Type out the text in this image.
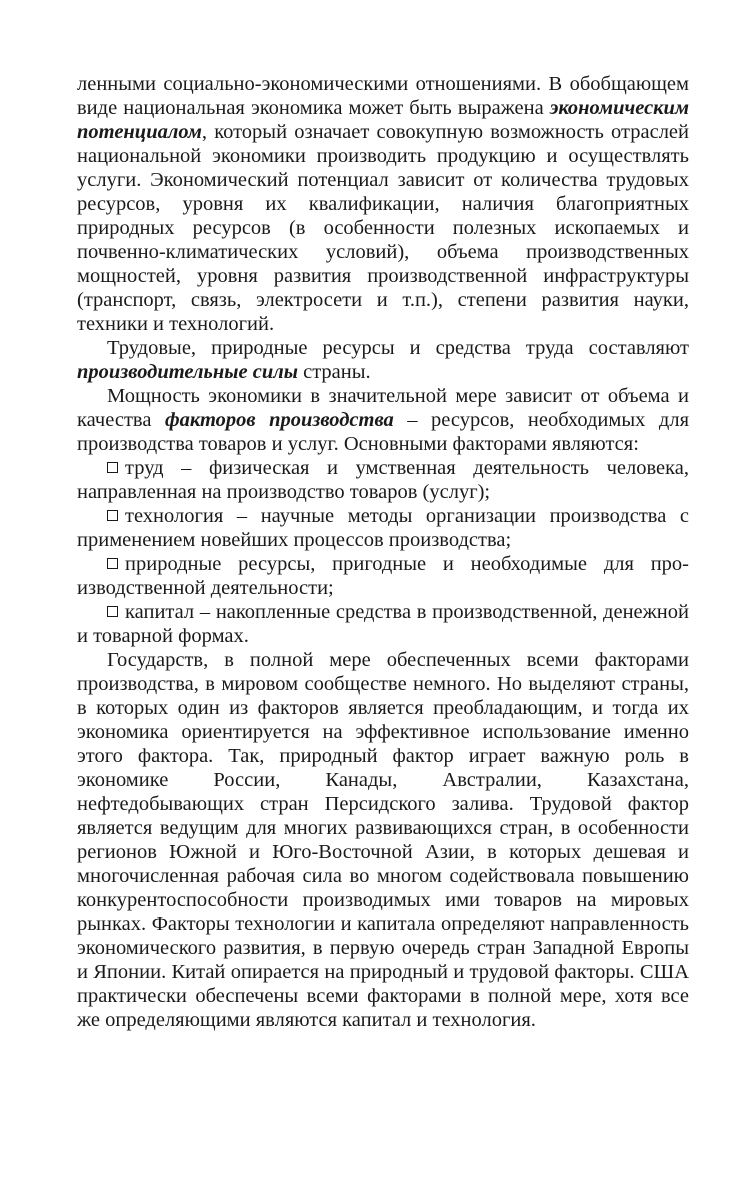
ленными социально-экономическими отношениями. В обобщающем виде национальная экономика может быть выражена экономическим потенциалом, который означает совокупную возможность отраслей национальной экономики производить продукцию и осуществлять услуги. Экономический потенциал зависит от количества трудовых ресурсов, уровня их квалификации, наличия благоприятных природных ресурсов (в особенности полезных ископаемых и почвенно-климатических условий), объема производственных мощностей, уровня развития производственной инфраструктуры (транспорт, связь, электросети и т.п.), степени развития науки, техники и технологий.

Трудовые, природные ресурсы и средства труда составляют производительные силы страны.

Мощность экономики в значительной мере зависит от объема и качества факторов производства – ресурсов, необходимых для производства товаров и услуг. Основными факторами являются:

труд – физическая и умственная деятельность человека, направленная на производство товаров (услуг);

технология – научные методы организации производства с применением новейших процессов производства;

природные ресурсы, пригодные и необходимые для производственной деятельности;

капитал – накопленные средства в производственной, денежной и товарной формах.

Государств, в полной мере обеспеченных всеми факторами производства, в мировом сообществе немного. Но выделяют страны, в которых один из факторов является преобладающим, и тогда их экономика ориентируется на эффективное использование именно этого фактора. Так, природный фактор играет важную роль в экономике России, Канады, Австралии, Казахстана, нефтедобывающих стран Персидского залива. Трудовой фактор является ведущим для многих развивающихся стран, в особенности регионов Южной и Юго-Восточной Азии, в которых дешевая и многочисленная рабочая сила во многом содействовала повышению конкурентоспособности производимых ими товаров на мировых рынках. Факторы технологии и капитала определяют направленность экономического развития, в первую очередь стран Западной Европы и Японии. Китай опирается на природный и трудовой факторы. США практически обеспечены всеми факторами в полной мере, хотя все же определяющими являются капитал и технология.
